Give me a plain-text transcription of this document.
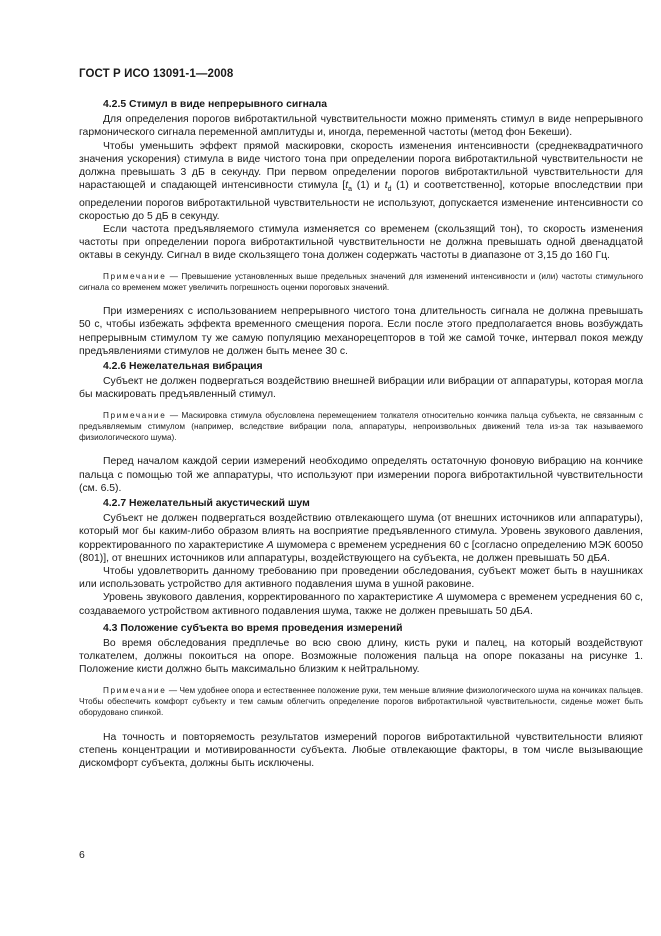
ГОСТ Р ИСО 13091-1—2008

4.2.5 Стимул в виде непрерывного сигнала

Для определения порогов вибротактильной чувствительности можно применять стимул в виде непрерывного гармонического сигнала переменной амплитуды и, иногда, переменной частоты (метод фон Бекеши).

Чтобы уменьшить эффект прямой маскировки, скорость изменения интенсивности (среднеквадратичного значения ускорения) стимула в виде чистого тона при определении порога вибротактильной чувствительности не должна превышать 3 дБ в секунду. При первом определении порогов вибротактильной чувствительности для нарастающей и спадающей интенсивности стимула [$t_a$ (1) и $t_d$ (1) и соответственно], которые впоследствии при определении порогов вибротактильной чувствительности не используют, допускается изменение интенсивности со скоростью до 5 дБ в секунду.

Если частота предъявляемого стимула изменяется со временем (скользящий тон), то скорость изменения частоты при определении порога вибротактильной чувствительности не должна превышать одной двенадцатой октавы в секунду. Сигнал в виде скользящего тона должен содержать частоты в диапазоне от 3,15 до 160 Гц.

Примечание — Превышение установленных выше предельных значений для изменений интенсивности и (или) частоты стимульного сигнала со временем может увеличить погрешность оценки пороговых значений.

При измерениях с использованием непрерывного чистого тона длительность сигнала не должна превышать 50 с, чтобы избежать эффекта временного смещения порога. Если после этого предполагается вновь возбуждать непрерывным стимулом ту же самую популяцию механорецепторов в той же самой точке, интервал покоя между предъявлениями стимулов не должен быть менее 30 с.

4.2.6 Нежелательная вибрация

Субъект не должен подвергаться воздействию внешней вибрации или вибрации от аппаратуры, которая могла бы маскировать предъявленный стимул.

Примечание — Маскировка стимула обусловлена перемещением толкателя относительно кончика пальца субъекта, не связанным с предъявляемым стимулом (например, вследствие вибрации пола, аппаратуры, непроизвольных движений тела из-за так называемого физиологического шума).

Перед началом каждой серии измерений необходимо определять остаточную фоновую вибрацию на кончике пальца с помощью той же аппаратуры, что используют при измерении порога вибротактильной чувствительности (см. 6.5).

4.2.7 Нежелательный акустический шум

Субъект не должен подвергаться воздействию отвлекающего шума (от внешних источников или аппаратуры), который мог бы каким-либо образом влиять на восприятие предъявленного стимула. Уровень звукового давления, корректированного по характеристике А шумомера с временем усреднения 60 с [согласно определению МЭК 60050 (801)], от внешних источников или аппаратуры, воздействующего на субъекта, не должен превышать 50 дБА.

Чтобы удовлетворить данному требованию при проведении обследования, субъект может быть в наушниках или использовать устройство для активного подавления шума в ушной раковине.

Уровень звукового давления, корректированного по характеристике А шумомера с временем усреднения 60 с, создаваемого устройством активного подавления шума, также не должен превышать 50 дБА.

4.3 Положение субъекта во время проведения измерений

Во время обследования предплечье во всю свою длину, кисть руки и палец, на который воздействуют толкателем, должны покоиться на опоре. Возможные положения пальца на опоре показаны на рисунке 1. Положение кисти должно быть максимально близким к нейтральному.

Примечание — Чем удобнее опора и естественнее положение руки, тем меньше влияние физиологического шума на кончиках пальцев. Чтобы обеспечить комфорт субъекту и тем самым облегчить определение порогов вибротактильной чувствительности, сиденье может быть оборудовано спинкой.

На точность и повторяемость результатов измерений порогов вибротактильной чувствительности влияют степень концентрации и мотивированности субъекта. Любые отвлекающие факторы, в том числе вызывающие дискомфорт субъекта, должны быть исключены.

6
